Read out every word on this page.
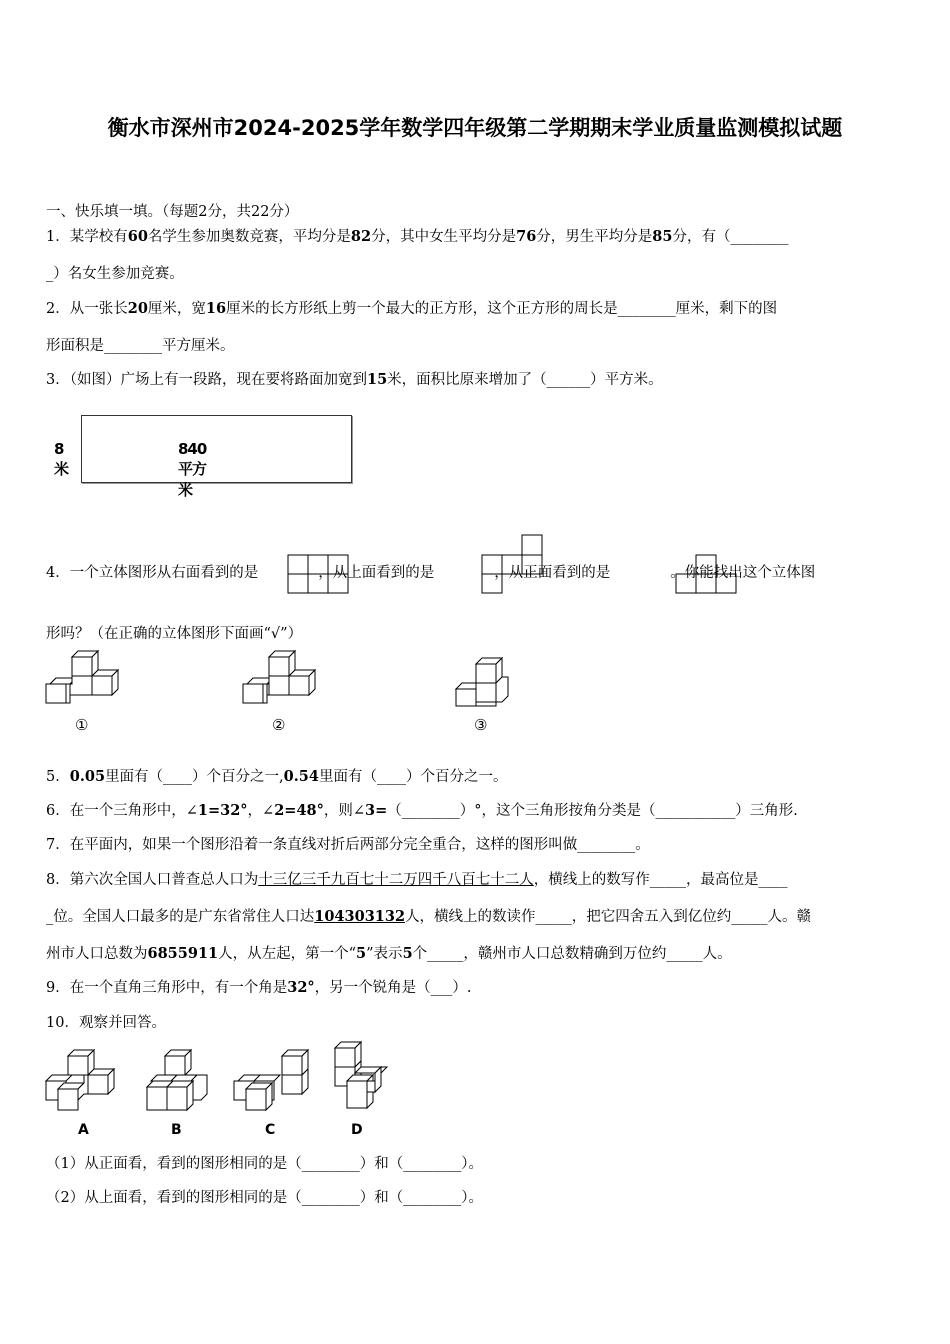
衡水市深州市2024-2025学年数学四年级第二学期期末学业质量监测模拟试题
一、快乐填一填。（每题2分，共22分）
1．某学校有60名学生参加奥数竞赛，平均分是82分，其中女生平均分是76分，男生平均分是85分，有（________
_）名女生参加竞赛。
2．从一张长20厘米，宽16厘米的长方形纸上剪一个最大的正方形，这个正方形的周长是________厘米，剩下的图
形面积是________平方厘米。
3．（如图）广场上有一段路，现在要将路面加宽到15米，面积比原来增加了（______）平方米。
8米
840平方米
4．一个立体图形从右面看到的是	，从上面看到的是	，从正面看到的是	。你能找出这个立体图
形吗？（在正确的立体图形下面画“√”）
①	②	③
5．0.05里面有（____）个百分之一,0.54里面有（____）个百分之一。
6．在一个三角形中，∠1=32°，∠2=48°，则∠3=（________）°，这个三角形按角分类是（___________）三角形.
7．在平面内，如果一个图形沿着一条直线对折后两部分完全重合，这样的图形叫做________。
8．第六次全国人口普查总人口为十三亿三千九百七十二万四千八百七十二人，横线上的数写作_____，最高位是____
_位。全国人口最多的是广东省常住人口达104303132人，横线上的数读作_____，把它四舍五入到亿位约_____人。赣
州市人口总数为6855911人，从左起，第一个“5”表示5个_____，赣州市人口总数精确到万位约_____人。
9．在一个直角三角形中，有一个角是32°，另一个锐角是（___）.
10．观察并回答。
A	B	C	D
（1）从正面看，看到的图形相同的是（________）和（________）。
（2）从上面看，看到的图形相同的是（________）和（________）。
